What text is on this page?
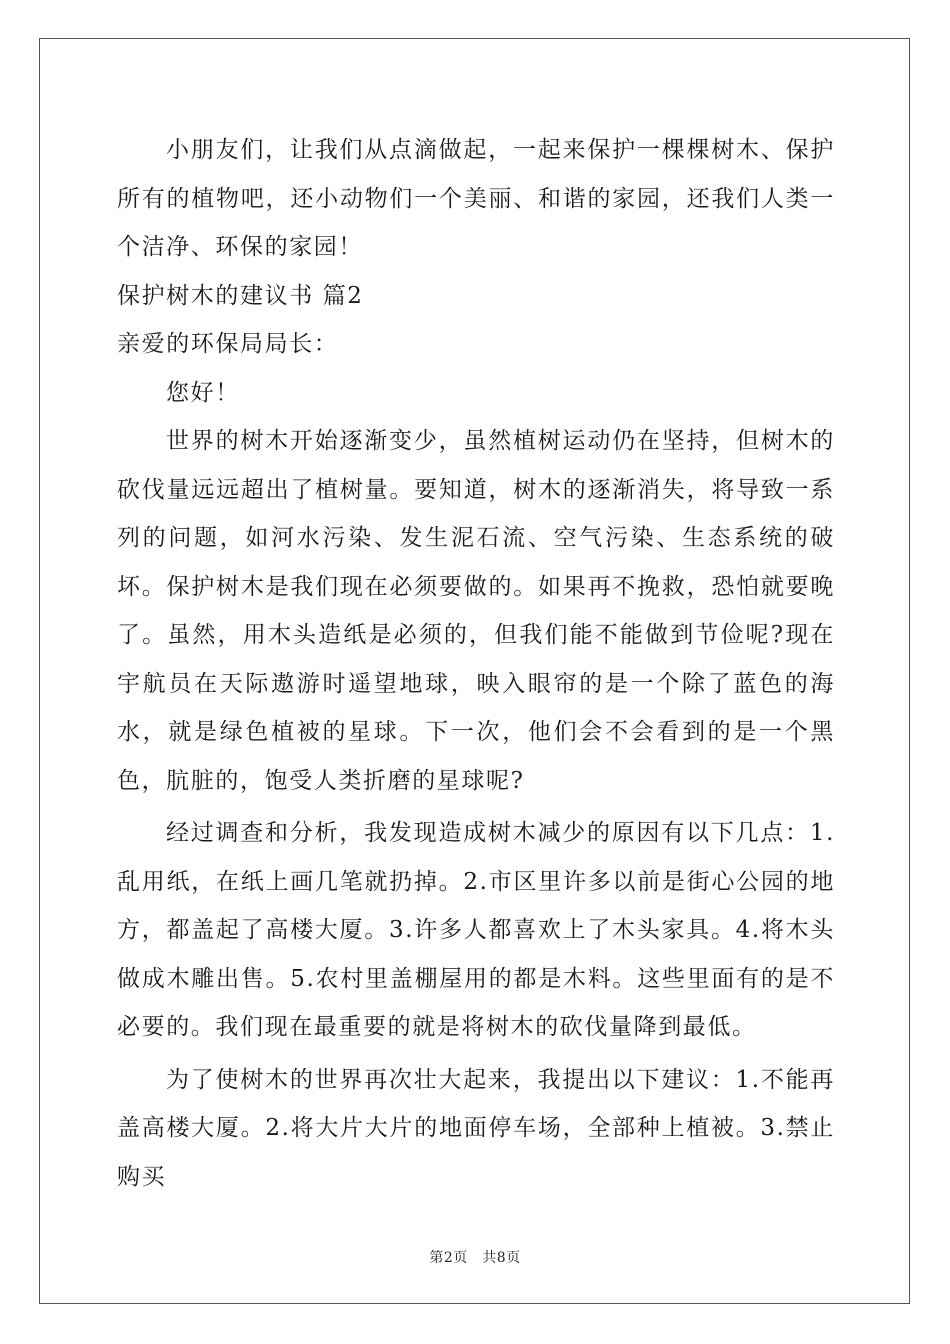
小朋友们，让我们从点滴做起，一起来保护一棵棵树木、保护所有的植物吧，还小动物们一个美丽、和谐的家园，还我们人类一个洁净、环保的家园！

保护树木的建议书 篇2

亲爱的环保局局长：

您好！

世界的树木开始逐渐变少，虽然植树运动仍在坚持，但树木的砍伐量远远超出了植树量。要知道，树木的逐渐消失，将导致一系列的问题，如河水污染、发生泥石流、空气污染、生态系统的破坏。保护树木是我们现在必须要做的。如果再不挽救，恐怕就要晚了。虽然，用木头造纸是必须的，但我们能不能做到节俭呢?现在宇航员在天际遨游时遥望地球，映入眼帘的是一个除了蓝色的海水，就是绿色植被的星球。下一次，他们会不会看到的是一个黑色，肮脏的，饱受人类折磨的星球呢?

经过调查和分析，我发现造成树木减少的原因有以下几点：1.乱用纸，在纸上画几笔就扔掉。2.市区里许多以前是街心公园的地方，都盖起了高楼大厦。3.许多人都喜欢上了木头家具。4.将木头做成木雕出售。5.农村里盖棚屋用的都是木料。这些里面有的是不必要的。我们现在最重要的就是将树木的砍伐量降到最低。

为了使树木的世界再次壮大起来，我提出以下建议：1.不能再盖高楼大厦。2.将大片大片的地面停车场，全部种上植被。3.禁止购买

第2页　共8页
